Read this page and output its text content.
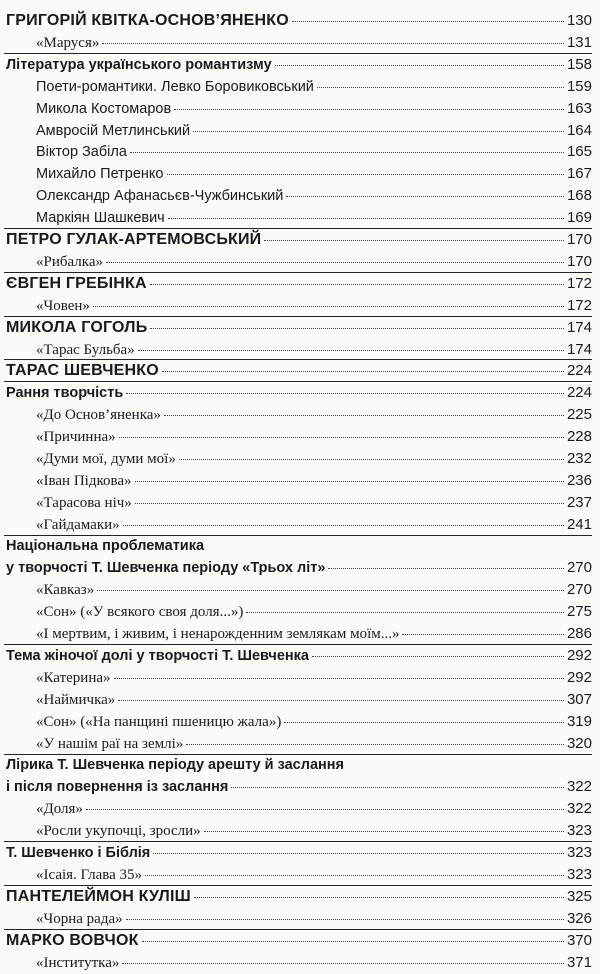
ГРИГОРІЙ КВІТКА-ОСНОВ’ЯНЕНКО	130
«Маруся»	131
Література українського романтизму	158
Поети-романтики. Левко Боровиковський	159
Микола Костомаров	163
Амвросій Метлинський	164
Віктор Забіла	165
Михайло Петренко	167
Олександр Афанасьєв-Чужбинський	168
Маркіян Шашкевич	169
ПЕТРО ГУЛАК-АРТЕМОВСЬКИЙ	170
«Рибалка»	170
ЄВГЕН ГРЕБІНКА	172
«Човен»	172
МИКОЛА ГОГОЛЬ	174
«Тарас Бульба»	174
ТАРАС ШЕВЧЕНКО	224
Рання творчість	224
«До Основ’яненка»	225
«Причинна»	228
«Думи мої, думи мої»	232
«Іван Підкова»	236
«Тарасова ніч»	237
«Гайдамаки»	241
Національна проблематика
у творчості Т. Шевченка періоду «Трьох літ»	270
«Кавказ»	270
«Сон» («У всякого своя доля...»)	275
«І мертвим, і живим, і ненарожденним землякам моїм...»	286
Тема жіночої долі у творчості Т. Шевченка	292
«Катерина»	292
«Наймичка»	307
«Сон» («На панщині пшеницю жала»)	319
«У нашім раї на землі»	320
Лірика Т. Шевченка періоду арешту й заслання
і після повернення із заслання	322
«Доля»	322
«Росли укупочці, зросли»	323
Т. Шевченко і Біблія	323
«Ісаія. Глава 35»	323
ПАНТЕЛЕЙМОН КУЛІШ	325
«Чорна рада»	326
МАРКО ВОВЧОК	370
«Інститутка»	371
